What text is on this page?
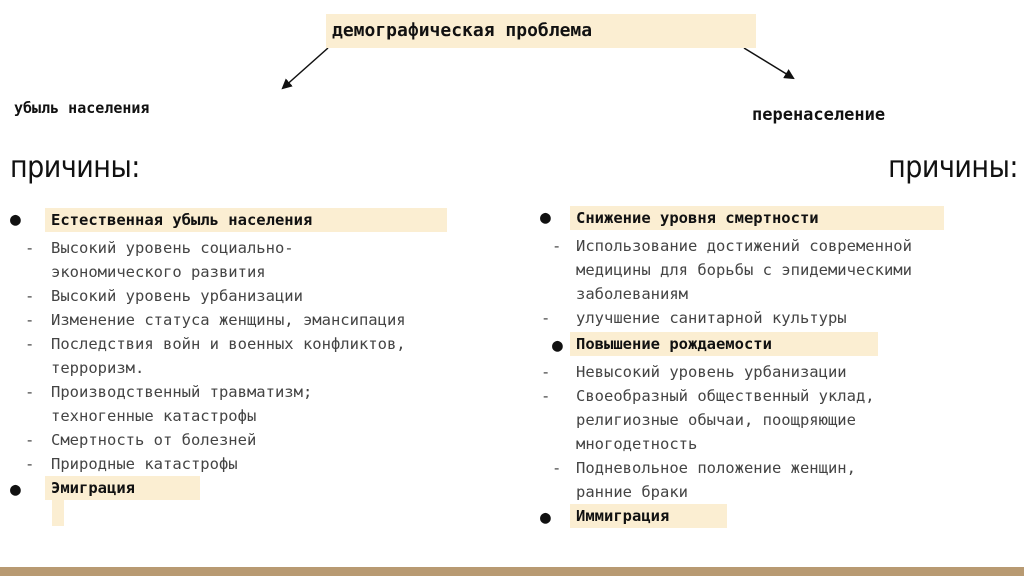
демографическая проблема
убыль населения
причины:
●	Естественная убыль населения
- Высокий уровень социально-
экономического развития
- Высокий уровень урбанизации
- Изменение статуса женщины, эмансипация
- Последствия войн и военных конфликтов,
терроризм.
- Производственный травматизм;
техногенные катастрофы
- Смертность от болезней
- Природные катастрофы
●	Эмиграция
перенаселение
причины:
●	Снижение уровня смертности
- Использование достижений современной
медицины для борьбы с эпидемическими
заболеваниям
- улучшение санитарной культуры
● Повышение рождаемости
- Невысокий уровень урбанизации
- Своеобразный общественный уклад,
религиозные обычаи, поощряющие
многодетность
- Подневольное положение женщин,
ранние браки
●	Иммиграция
